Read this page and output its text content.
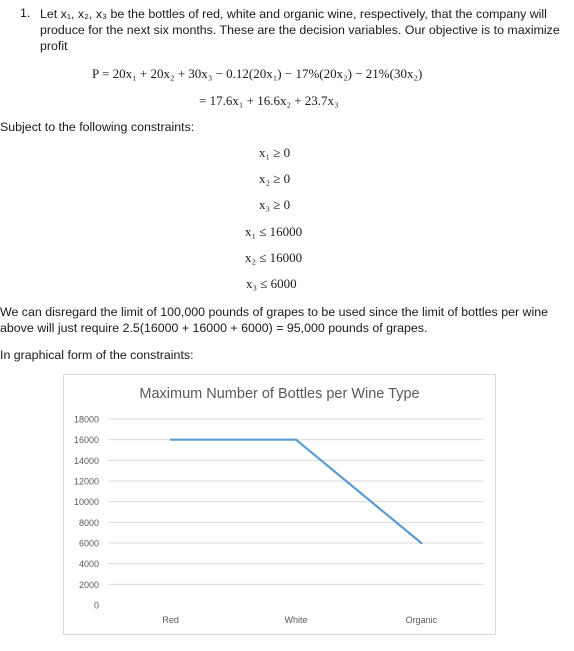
1. Let x₁, x₂, x₃ be the bottles of red, white and organic wine, respectively, that the company will
produce for the next six months. These are the decision variables. Our objective is to maximize
profit
P = 20x₁ + 20x₂ + 30x₃ − 0.12(20x₁) − 17%(20x₂) − 21%(30x₂)
= 17.6x₁ + 16.6x₂ + 23.7x₃
Subject to the following constraints:
x₁ ≥ 0
x₂ ≥ 0
x₃ ≥ 0
x₁ ≤ 16000
x₂ ≤ 16000
x₃ ≤ 6000
We can disregard the limit of 100,000 pounds of grapes to be used since the limit of bottles per wine
above will just require 2.5(16000 + 16000 + 6000) = 95,000 pounds of grapes.
In graphical form of the constraints:
Maximum Number of Bottles per Wine Type
18000
16000
14000
12000
10000
8000
6000
4000
2000
0
Red	White	Organic
